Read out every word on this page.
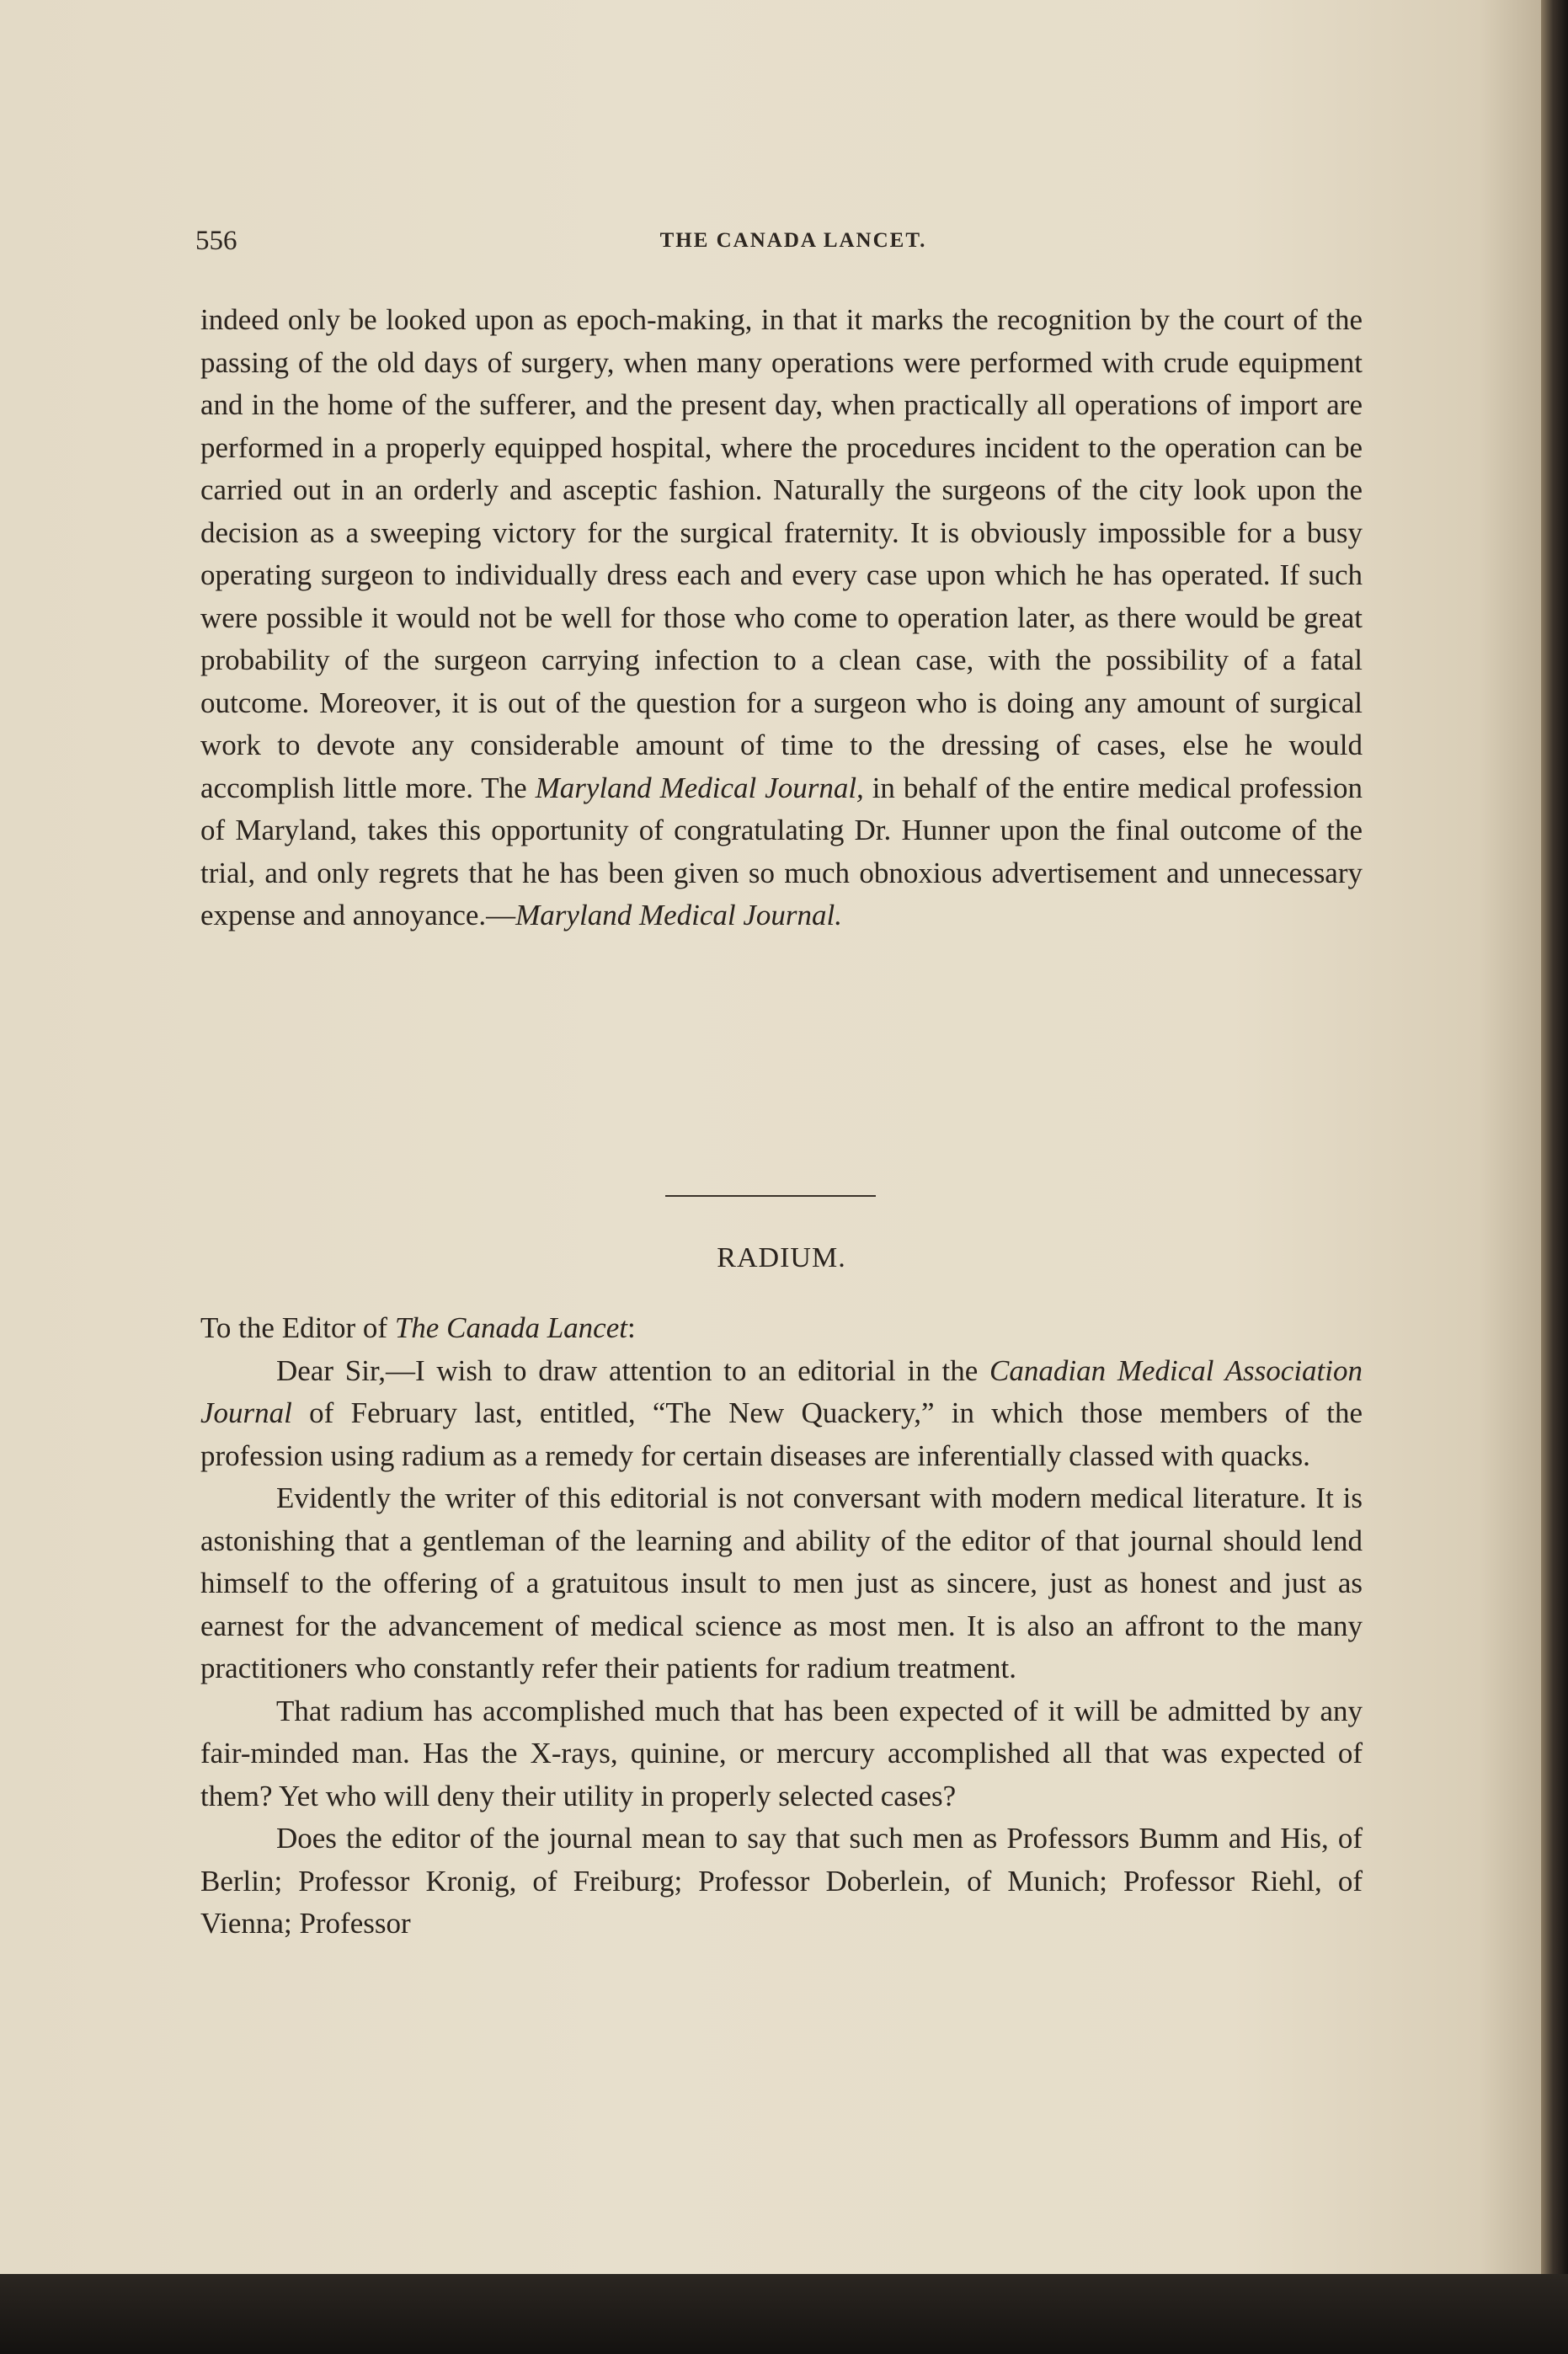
556	THE CANADA LANCET.

indeed only be looked upon as epoch-making, in that it marks the recognition by the court of the passing of the old days of surgery, when many operations were performed with crude equipment and in the home of the sufferer, and the present day, when practically all operations of import are performed in a properly equipped hospital, where the procedures incident to the operation can be carried out in an orderly and asceptic fashion. Naturally the surgeons of the city look upon the decision as a sweeping victory for the surgical fraternity. It is obviously impossible for a busy operating surgeon to individually dress each and every case upon which he has operated. If such were possible it would not be well for those who come to operation later, as there would be great probability of the surgeon carrying infection to a clean case, with the possibility of a fatal outcome. Moreover, it is out of the question for a surgeon who is doing any amount of surgical work to devote any considerable amount of time to the dressing of cases, else he would accomplish little more. The Maryland Medical Journal, in behalf of the entire medical profession of Maryland, takes this opportunity of congratulating Dr. Hunner upon the final outcome of the trial, and only regrets that he has been given so much obnoxious advertisement and unnecessary expense and annoyance.—Maryland Medical Journal.

RADIUM.

To the Editor of The Canada Lancet:

Dear Sir,—I wish to draw attention to an editorial in the Canadian Medical Association Journal of February last, entitled, “The New Quackery,” in which those members of the profession using radium as a remedy for certain diseases are inferentially classed with quacks.

Evidently the writer of this editorial is not conversant with modern medical literature. It is astonishing that a gentleman of the learning and ability of the editor of that journal should lend himself to the offering of a gratuitous insult to men just as sincere, just as honest and just as earnest for the advancement of medical science as most men. It is also an affront to the many practitioners who constantly refer their patients for radium treatment.

That radium has accomplished much that has been expected of it will be admitted by any fair-minded man. Has the X-rays, quinine, or mercury accomplished all that was expected of them? Yet who will deny their utility in properly selected cases?

Does the editor of the journal mean to say that such men as Professors Bumm and His, of Berlin; Professor Kronig, of Freiburg; Professor Doberlein, of Munich; Professor Riehl, of Vienna; Professor
